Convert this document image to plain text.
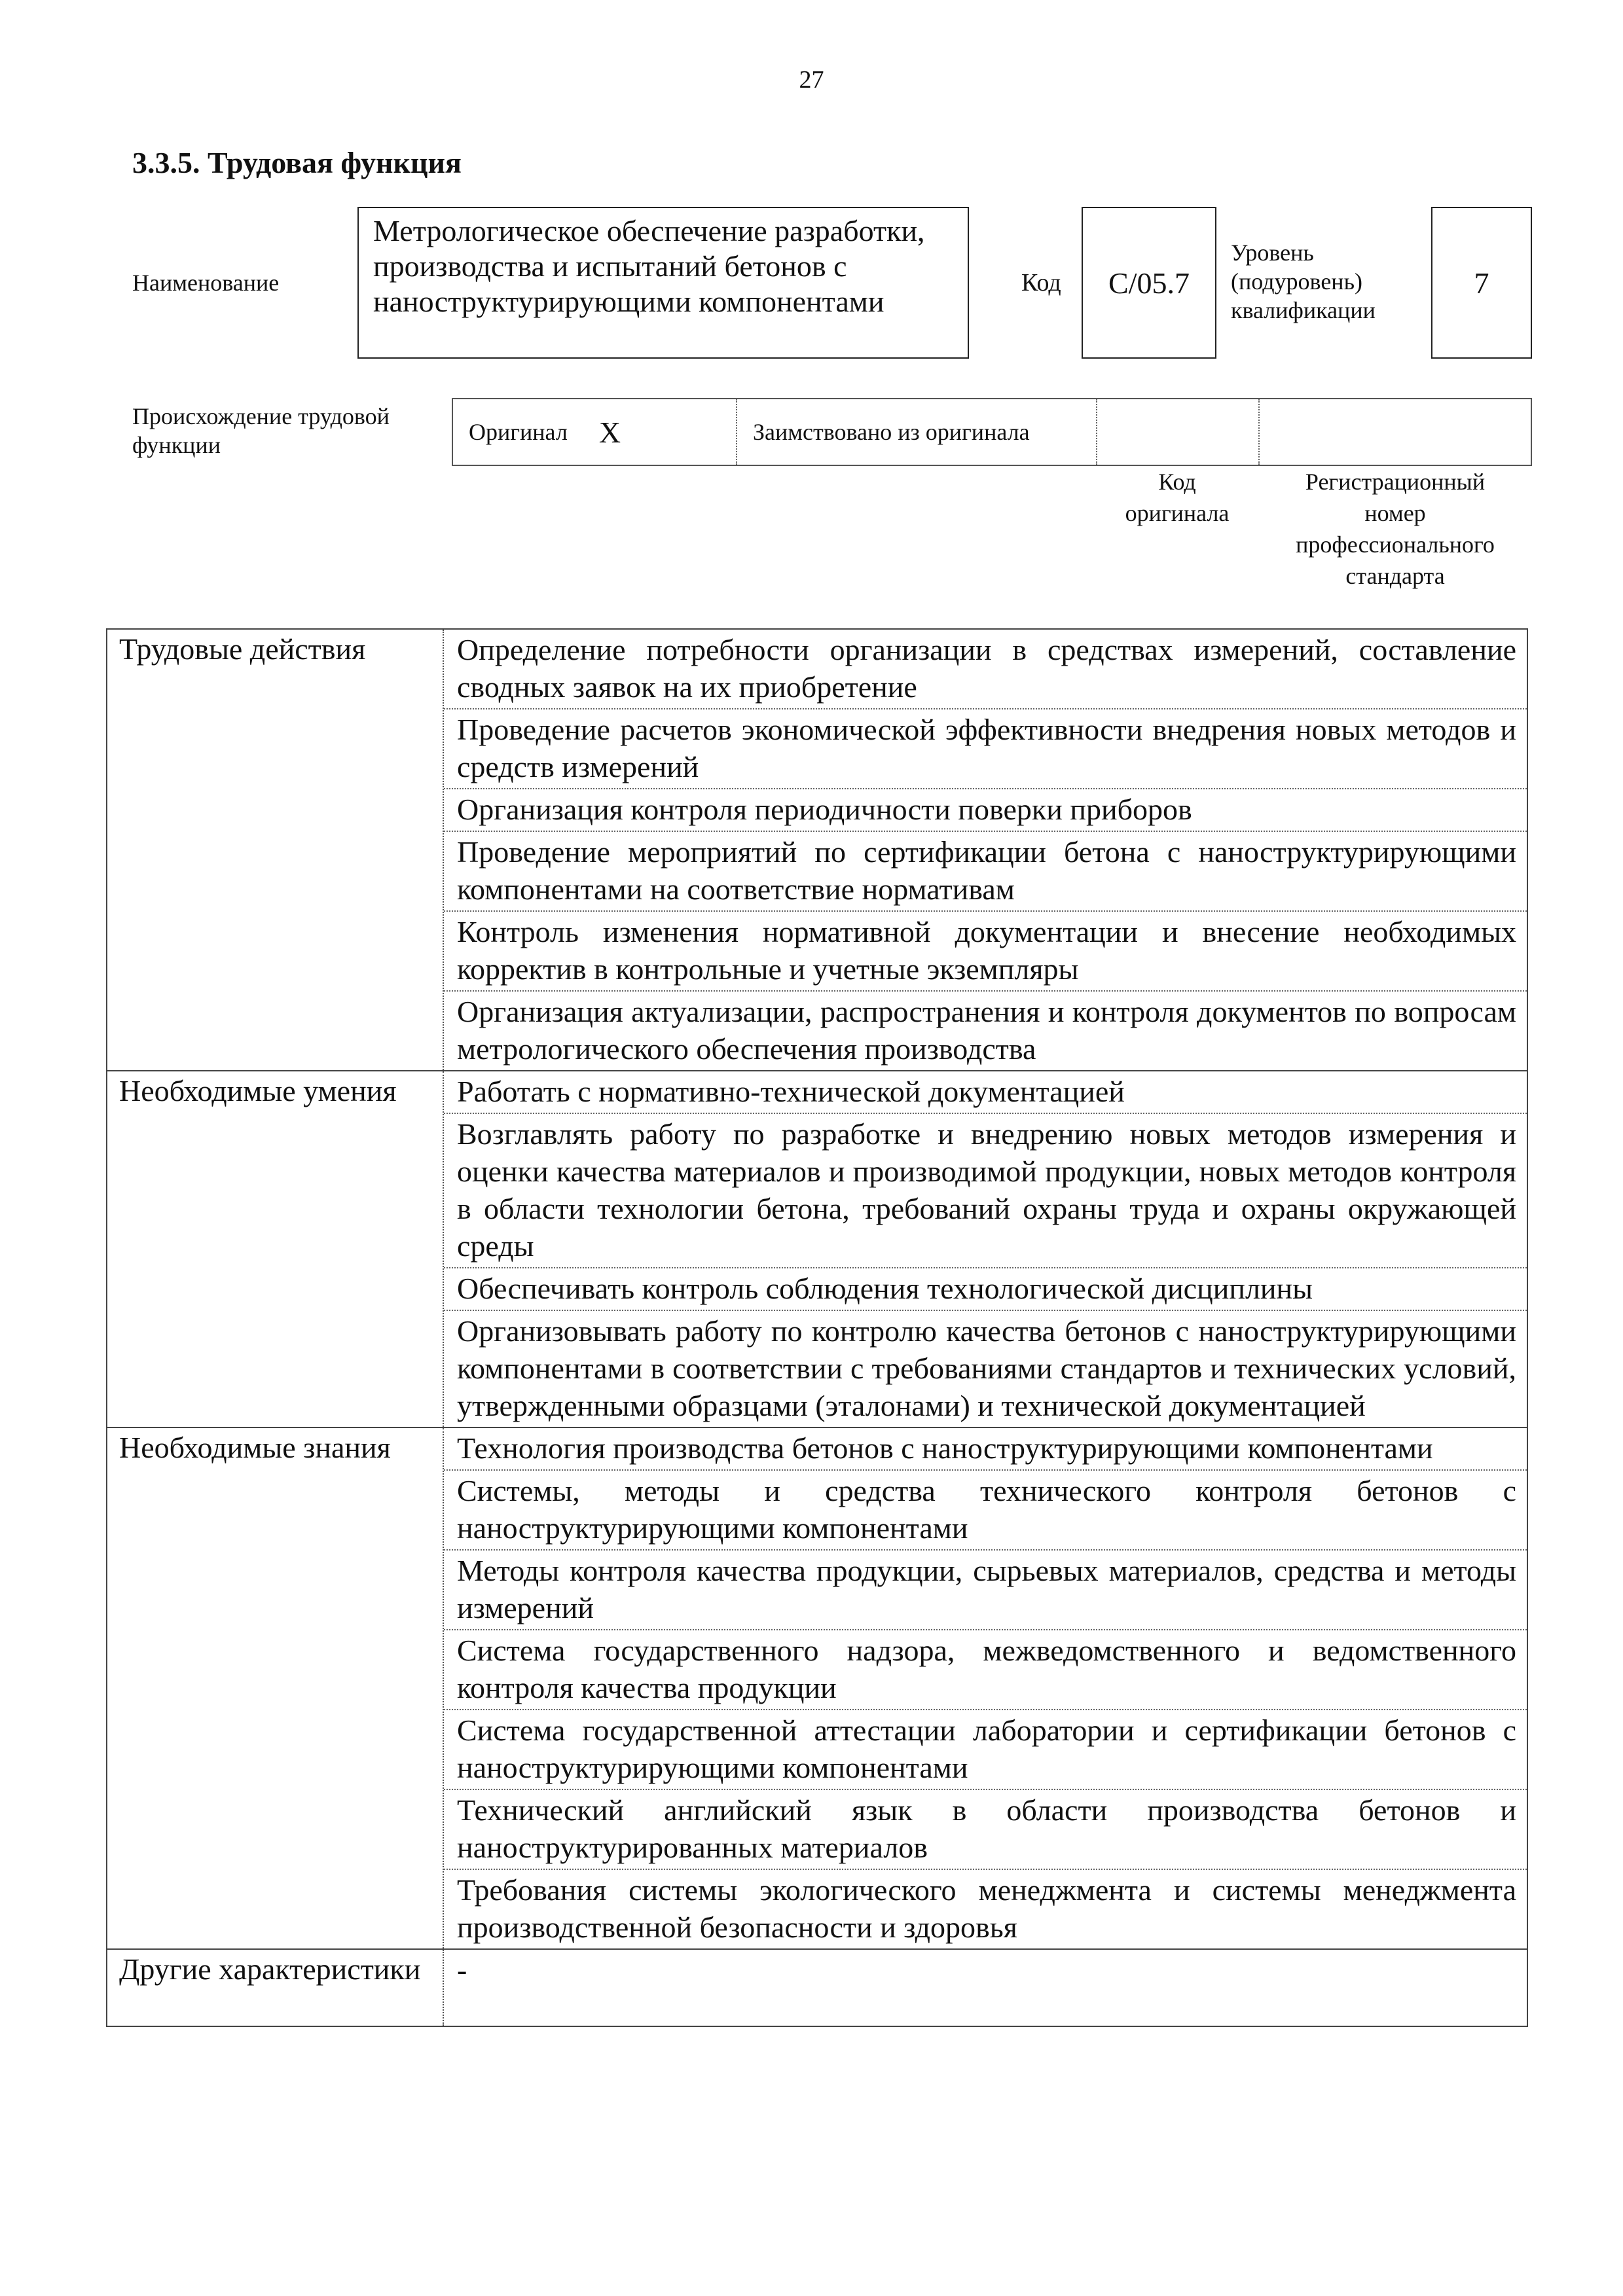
27
3.3.5. Трудовая функция
Наименование
Метрологическое обеспечение разработки, производства и испытаний бетонов с наноструктурирующими компонентами
Код С/05.7
Уровень
(подуровень)
квалификации
7
Происхождение трудовой
функции	Оригинал X	Заимствовано из оригинала
Код
оригинала
Регистрационный
номер
профессионального
стандарта
Трудовые действия	Определение потребности организации в средствах измерений, составление сводных заявок на их приобретение
Проведение расчетов экономической эффективности внедрения новых методов и средств измерений
Организация контроля периодичности поверки приборов
Проведение мероприятий по сертификации бетона с наноструктурирующими компонентами на соответствие нормативам
Контроль изменения нормативной документации и внесение необходимых корректив в контрольные и учетные экземпляры
Организация актуализации, распространения и контроля документов по вопросам метрологического обеспечения производства
Необходимые умения	Работать с нормативно-технической документацией
Возглавлять работу по разработке и внедрению новых методов измерения и оценки качества материалов и производимой продукции, новых методов контроля в области технологии бетона, требований охраны труда и охраны окружающей среды
Обеспечивать контроль соблюдения технологической дисциплины
Организовывать работу по контролю качества бетонов с наноструктурирующими компонентами в соответствии с требованиями стандартов и технических условий, утвержденными образцами (эталонами) и технической документацией
Необходимые знания	Технология производства бетонов с наноструктурирующими компонентами
Системы, методы и средства технического контроля бетонов с наноструктурирующими компонентами
Методы контроля качества продукции, сырьевых материалов, средства и методы измерений
Система государственного надзора, межведомственного и ведомственного контроля качества продукции
Система государственной аттестации лаборатории и сертификации бетонов с наноструктурирующими компонентами
Технический английский язык в области производства бетонов и наноструктурированных материалов
Требования системы экологического менеджмента и системы менеджмента производственной безопасности и здоровья
Другие характеристики	-
